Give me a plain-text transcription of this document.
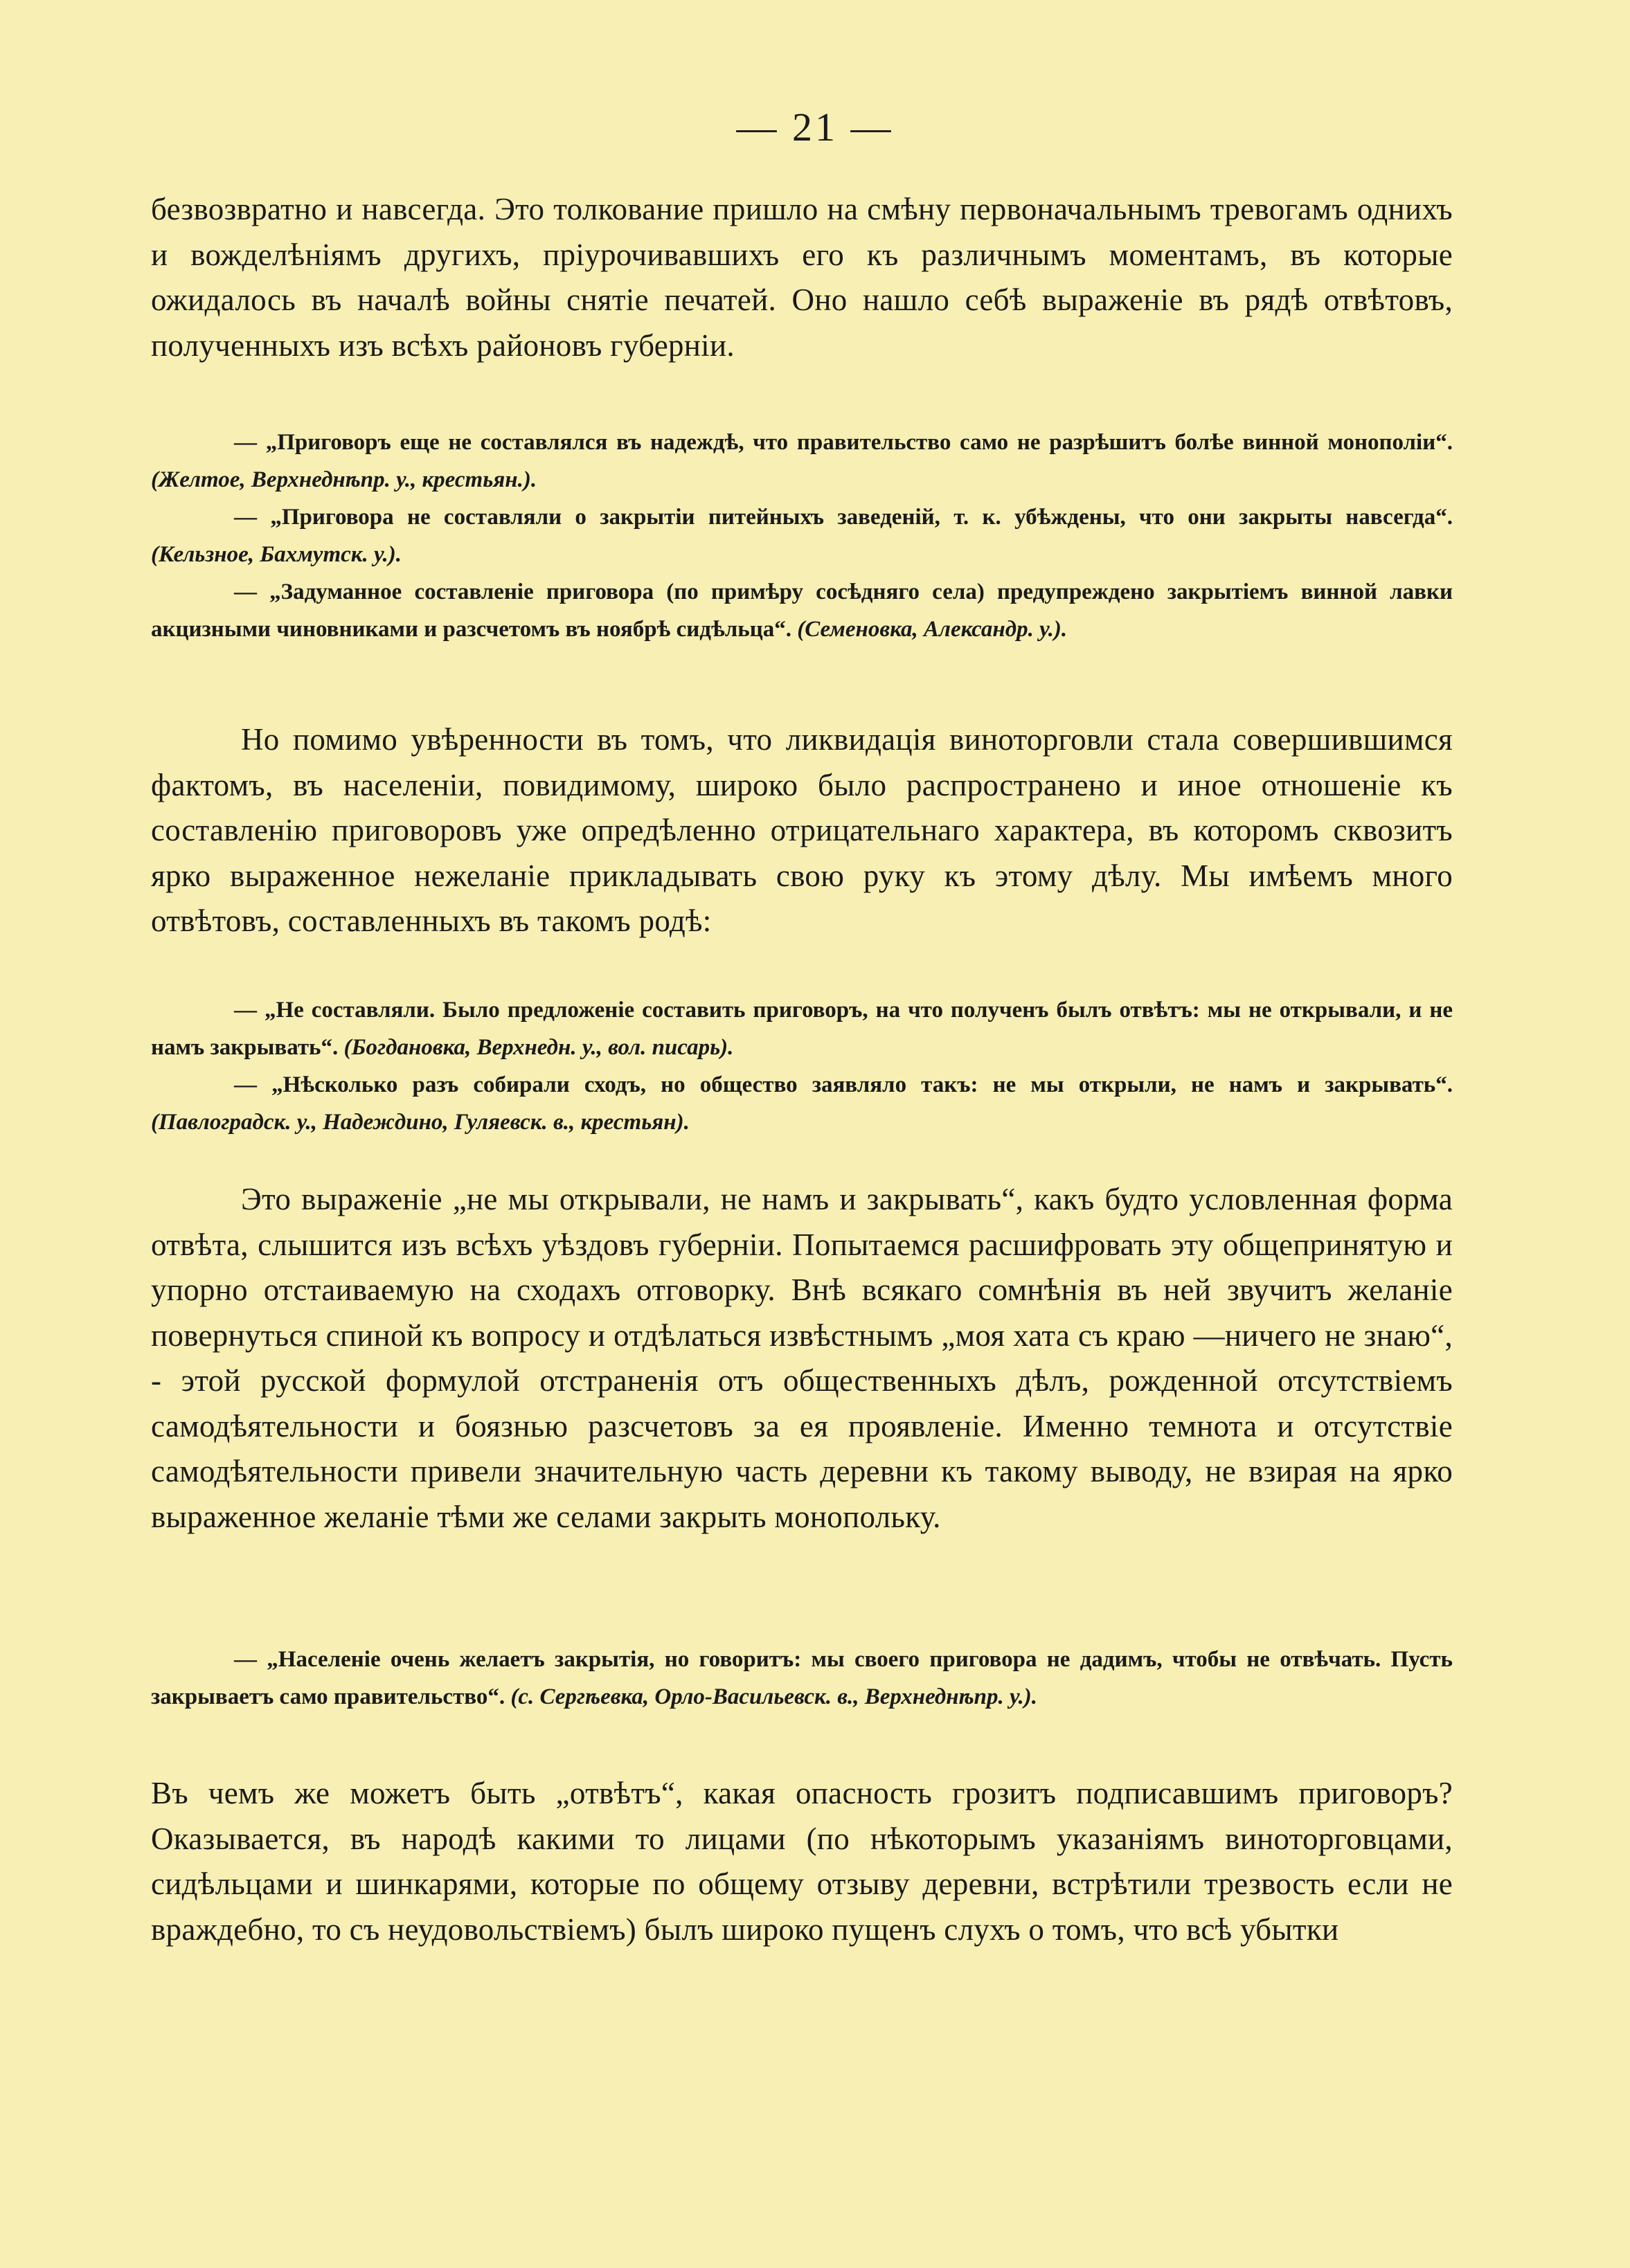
— 21 —

безвозвратно и навсегда. Это толкование пришло на смѣну первоначальнымъ тревогамъ однихъ и вожделѣніямъ другихъ, пріурочивавшихъ его къ различнымъ моментамъ, въ которые ожидалось въ началѣ войны снятіе печатей. Оно нашло себѣ выраженіе въ рядѣ отвѣтовъ, полученныхъ изъ всѣхъ районовъ губерніи.

— „Приговоръ еще не составлялся въ надеждѣ, что правительство само не разрѣшитъ болѣе винной монополіи“. (Желтое, Верхнеднѣпр. у., крестьян.).

— „Приговора не составляли о закрытіи питейныхъ заведеній, т. к. убѣждены, что они закрыты навсегда“. (Кельзное, Бахмутск. у.).

— „Задуманное составленіе приговора (по примѣру сосѣдняго села) предупреждено закрытіемъ винной лавки акцизными чиновниками и разсчетомъ въ ноябрѣ сидѣльца“. (Семеновка, Александр. у.).

Но помимо увѣренности въ томъ, что ликвидація виноторговли стала совершившимся фактомъ, въ населеніи, повидимому, широко было распространено и иное отношеніе къ составленію приговоровъ уже опредѣленно отрицательнаго характера, въ которомъ сквозитъ ярко выраженное нежеланіе прикладывать свою руку къ этому дѣлу. Мы имѣемъ много отвѣтовъ, составленныхъ въ такомъ родѣ:

— „Не составляли. Было предложеніе составить приговоръ, на что полученъ былъ отвѣтъ: мы не открывали, и не намъ закрывать“. (Богдановка, Верхнедн. у., вол. писарь).

— „Нѣсколько разъ собирали сходъ, но общество заявляло такъ: не мы открыли, не намъ и закрывать“. (Павлоградск. у., Надеждино, Гуляевск. в., крестьян).

Это выраженіе „не мы открывали, не намъ и закрывать“, какъ будто условленная форма отвѣта, слышится изъ всѣхъ уѣздовъ губерніи. Попытаемся расшифровать эту общепринятую и упорно отстаиваемую на сходахъ отговорку. Внѣ всякаго сомнѣнія въ ней звучитъ желаніе повернуться спиной къ вопросу и отдѣлаться извѣстнымъ „моя хата съ краю —ничего не знаю“, - этой русской формулой отстраненія отъ общественныхъ дѣлъ, рожденной отсутствіемъ самодѣятельности и боязнью разсчетовъ за ея проявленіе. Именно темнота и отсутствіе самодѣятельности привели значительную часть деревни къ такому выводу, не взирая на ярко выраженное желаніе тѣми же селами закрыть монопольку.

— „Населеніе очень желаетъ закрытія, но говоритъ: мы своего приговора не дадимъ, чтобы не отвѣчать. Пусть закрываетъ само правительство“. (с. Сергѣевка, Орло-Васильевск. в., Верхнеднѣпр. у.).

Въ чемъ же можетъ быть „отвѣтъ“, какая опасность грозитъ подписавшимъ приговоръ? Оказывается, въ народѣ какими то лицами (по нѣкоторымъ указаніямъ виноторговцами, сидѣльцами и шинкарями, которые по общему отзыву деревни, встрѣтили трезвость если не враждебно, то съ неудовольствіемъ) былъ широко пущенъ слухъ о томъ, что всѣ убытки
